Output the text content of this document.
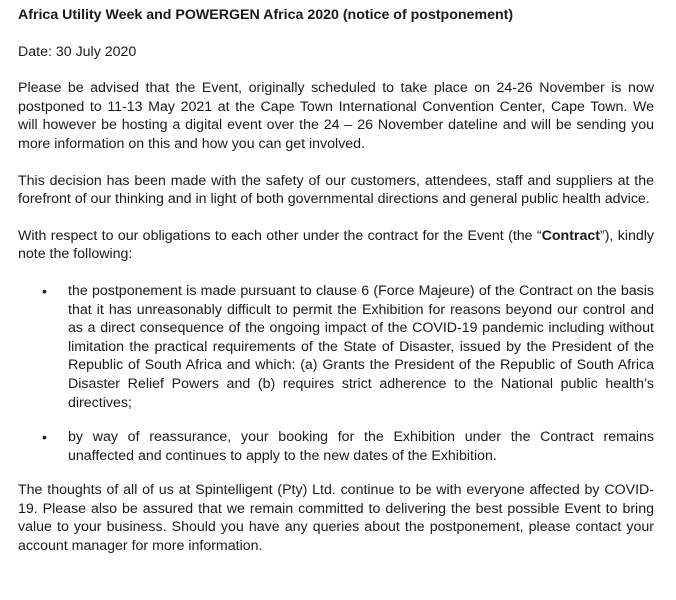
Africa Utility Week and POWERGEN Africa 2020 (notice of postponement)
Date: 30 July 2020

Please be advised that the Event, originally scheduled to take place on 24-26 November is now postponed to 11-13 May 2021 at the Cape Town International Convention Center, Cape Town. We will however be hosting a digital event over the 24 – 26 November dateline and will be sending you more information on this and how you can get involved.

This decision has been made with the safety of our customers, attendees, staff and suppliers at the forefront of our thinking and in light of both governmental directions and general public health advice.

With respect to our obligations to each other under the contract for the Event (the “Contract”), kindly note the following:

• the postponement is made pursuant to clause 6 (Force Majeure) of the Contract on the basis that it has unreasonably difficult to permit the Exhibition for reasons beyond our control and as a direct consequence of the ongoing impact of the COVID-19 pandemic including without limitation the practical requirements of the State of Disaster, issued by the President of the Republic of South Africa and which: (a) Grants the President of the Republic of South Africa Disaster Relief Powers and (b) requires strict adherence to the National public health’s directives;
• by way of reassurance, your booking for the Exhibition under the Contract remains unaffected and continues to apply to the new dates of the Exhibition.

The thoughts of all of us at Spintelligent (Pty) Ltd. continue to be with everyone affected by COVID-19. Please also be assured that we remain committed to delivering the best possible Event to bring value to your business. Should you have any queries about the postponement, please contact your account manager for more information.
